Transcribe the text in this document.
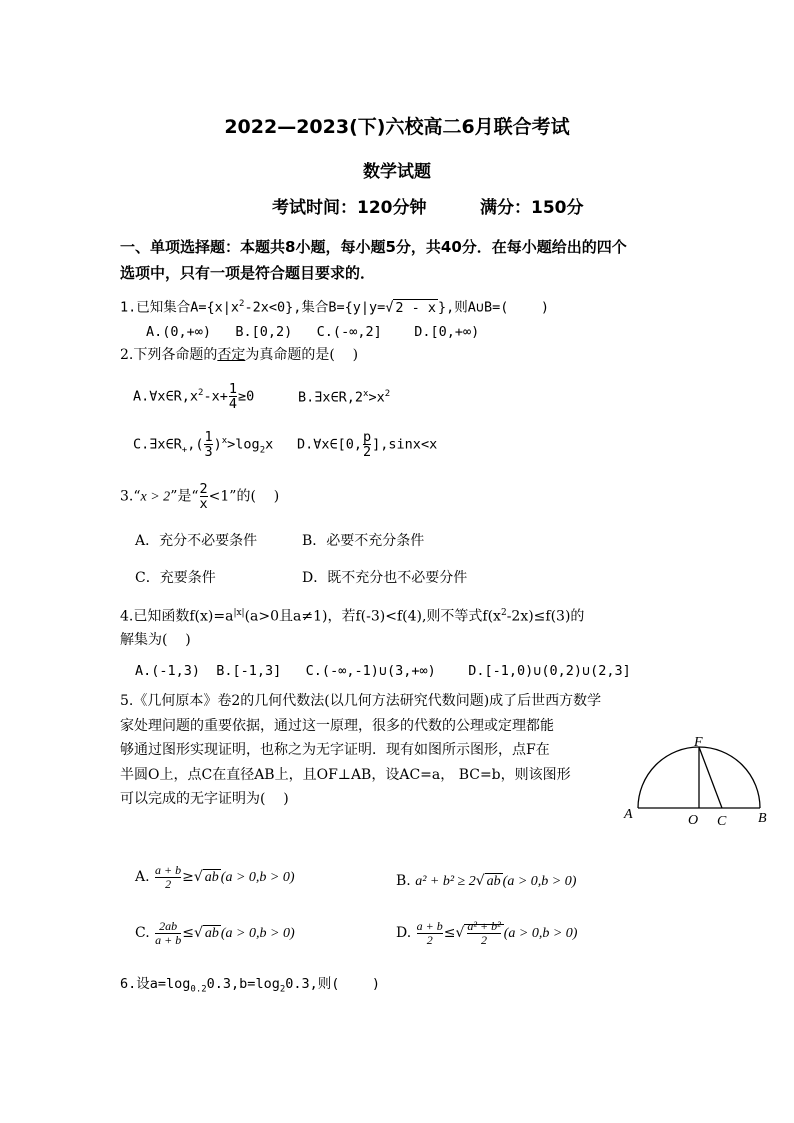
2022—2023(下)六校高二6月联合考试
数学试题
考试时间：120分钟	满分：150分
一、单项选择题：本题共8小题，每小题5分，共40分．在每小题给出的四个
选项中，只有一项是符合题目要求的．
1.已知集合$A=\{x|x^2-2x<0\}$,集合B={y|y=√ 2 - x },则A∪B=(    )
A.(0,+∞)   B.[0,2)   C.(-∞,2]    D.[0,+∞)
2.下列各命题的否定为真命题的是(    )
$A.\forall x\in R,x^2-x+ \frac{1}{4} \ge 0$	$B.\exists x\in R,2^x>x^2$
$C.\exists x\in R_+,( \frac{1}{3} )^x>\log_2x$ D.∀x∈[0, $\frac{p}{2} ],\sin x<x$
3.“x > 2”是“ $\frac{2}{x} <1$”的(    )
A．充分不必要条件	B．必要不充分条件
C．充要条件	D．既不充分也不必要分件
4.已知函数$f(x)=a^{|x|}(a>0$且a≠1)，若f(-3)<f(4),则不等式$f(x^2-2x)\le f(3)$的
解集为(    )
A.(-1,3)  B.[-1,3]   C.(-∞,-1)∪(3,+∞)    D.[-1,0)∪(0,2)∪(2,3]
5.《几何原本》卷2的几何代数法(以几何方法研究代数问题)成了后世西方数学
家处理问题的重要依据，通过这一原理，很多的代数的公理或定理都能
够通过图形实现证明，也称之为无字证明．现有如图所示图形，点F在
半圆O上，点C在直径AB上，且OF⊥AB，设AC=a， BC=b，则该图形
可以完成的无字证明为(    )
F
A	O C B
A. $\frac{a + b}{2}$ ≥√ ab (a > 0,b > 0)	B. a² + b² ≥ 2√ ab (a > 0,b > 0)
C. $\frac{2ab}{a + b}$ ≤√ ab (a > 0,b > 0)	D. $\frac{a + b}{2}$ ≤√ $\frac{\text{a² + b²}}{2} (a > 0,b > 0)$
6.设$a=\log_{0.2}0.3,b=\log_20.3$,则(    )
